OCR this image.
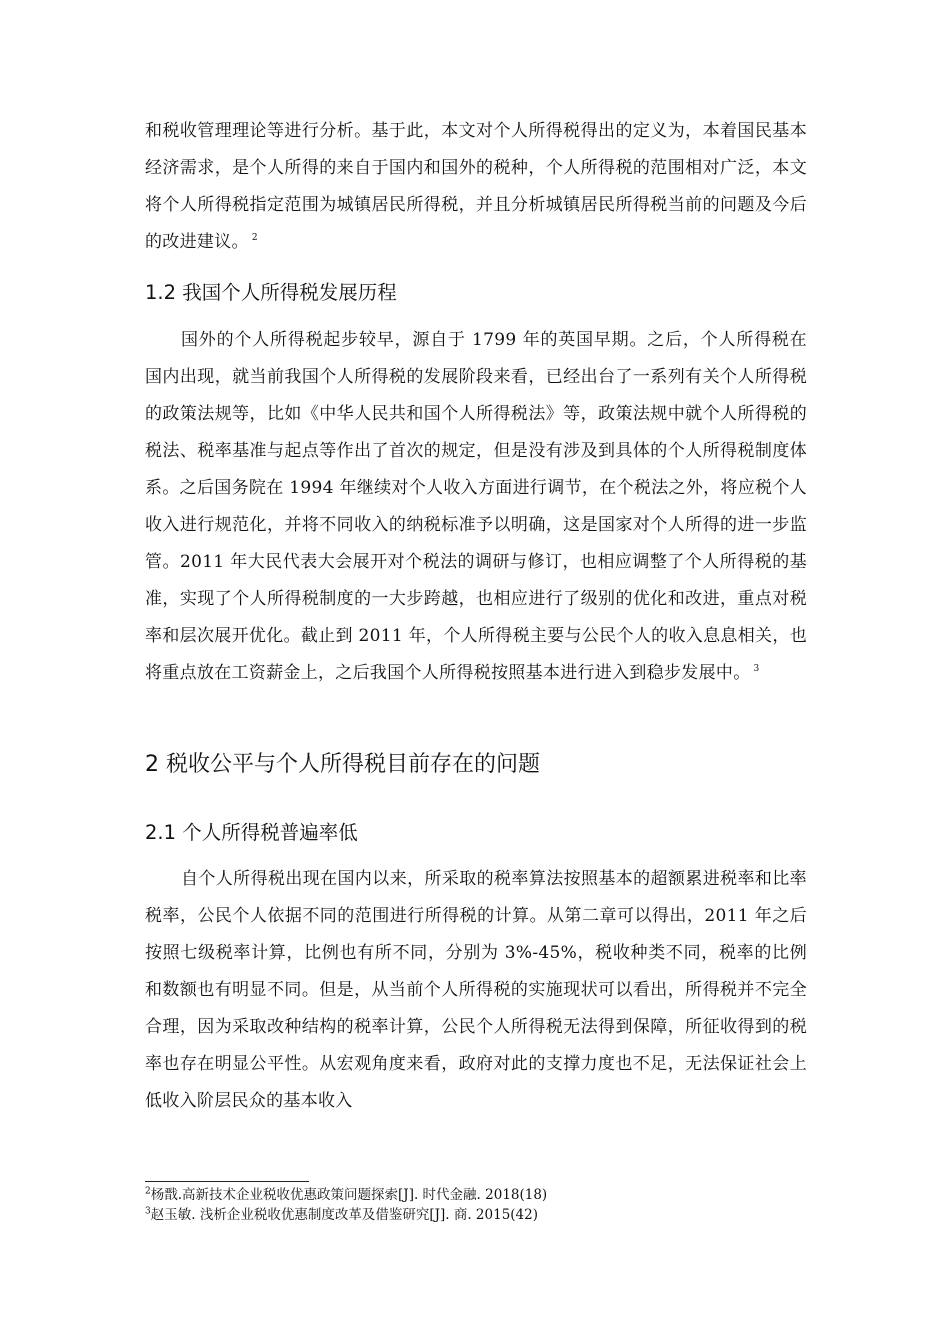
和税收管理理论等进行分析。基于此，本文对个人所得税得出的定义为，本着国民基本经济需求，是个人所得的来自于国内和国外的税种，个人所得税的范围相对广泛，本文将个人所得税指定范围为城镇居民所得税，并且分析城镇居民所得税当前的问题及今后的改进建议。 $^2$

1.2 我国个人所得税发展历程

国外的个人所得税起步较早，源自于 1799 年的英国早期。之后，个人所得税在国内出现，就当前我国个人所得税的发展阶段来看，已经出台了一系列有关个人所得税的政策法规等，比如《中华人民共和国个人所得税法》等，政策法规中就个人所得税的税法、税率基准与起点等作出了首次的规定，但是没有涉及到具体的个人所得税制度体系。之后国务院在 1994 年继续对个人收入方面进行调节，在个税法之外，将应税个人收入进行规范化，并将不同收入的纳税标准予以明确，这是国家对个人所得的进一步监管。2011 年大民代表大会展开对个税法的调研与修订，也相应调整了个人所得税的基准，实现了个人所得税制度的一大步跨越，也相应进行了级别的优化和改进，重点对税率和层次展开优化。截止到 2011 年，个人所得税主要与公民个人的收入息息相关，也将重点放在工资薪金上，之后我国个人所得税按照基本进行进入到稳步发展中。 $^3$

2 税收公平与个人所得税目前存在的问题
2.1 个人所得税普遍率低

自个人所得税出现在国内以来，所采取的税率算法按照基本的超额累进税率和比率税率，公民个人依据不同的范围进行所得税的计算。从第二章可以得出，2011 年之后按照七级税率计算，比例也有所不同，分别为 3%-45%，税收种类不同，税率的比例和数额也有明显不同。但是，从当前个人所得税的实施现状可以看出，所得税并不完全合理，因为采取改种结构的税率计算，公民个人所得税无法得到保障，所征收得到的税率也存在明显公平性。从宏观角度来看，政府对此的支撑力度也不足，无法保证社会上低收入阶层民众的基本收入

$^2$杨戬.高新技术企业税收优惠政策问题探索[J]. 时代金融. 2018(18)

$^3$赵玉敏. 浅析企业税收优惠制度改革及借鉴研究[J]. 商. 2015(42)
